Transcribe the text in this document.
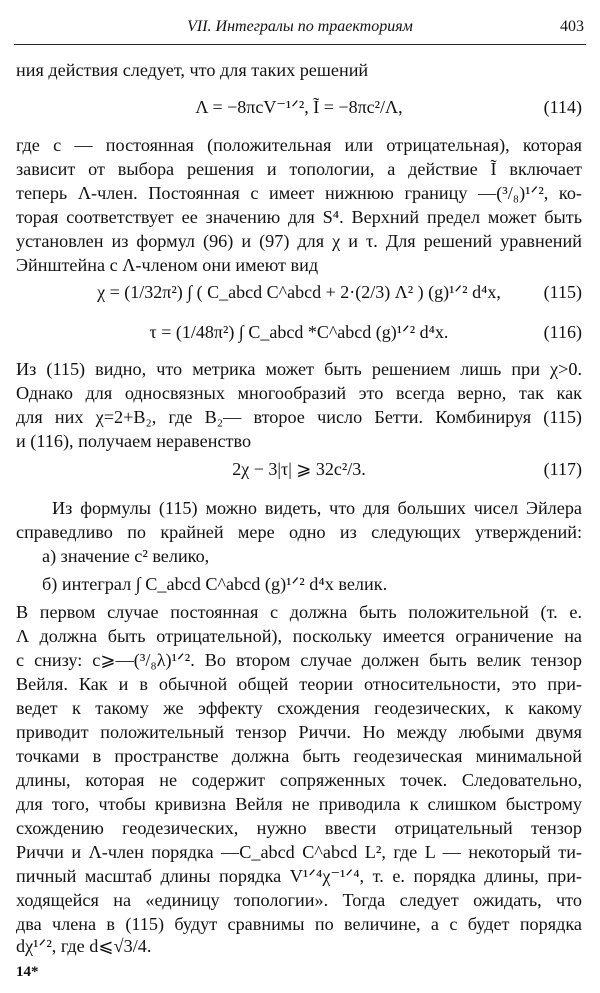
VII. Интегралы по траекториям	403
ния действия следует, что для таких решений
Λ = −8πcV⁻¹ᐟ², Ĩ = −8πc²/Λ,	(114)
где c — постоянная (положительная или отрицательная), которая
зависит от выбора решения и топологии, а действие Ĩ включает
теперь Λ-член. Постоянная c имеет нижнюю границу —(³/₈)¹ᐟ², ко-
торая соответствует ее значению для S⁴. Верхний предел может быть
установлен из формул (96) и (97) для χ и τ. Для решений уравнений
Эйнштейна с Λ-членом они имеют вид
χ = (1/32π²) ∫ ( C_abcd C^abcd + 2·(2/3) Λ² ) (g)¹ᐟ² d⁴x,	(115)
τ = (1/48π²) ∫ C_abcd *C^abcd (g)¹ᐟ² d⁴x.	(116)
Из (115) видно, что метрика может быть решением лишь при χ>0.
Однако для односвязных многообразий это всегда верно, так как
для них χ=2+B₂, где B₂— второе число Бетти. Комбинируя (115)
и (116), получаем неравенство
2χ − 3|τ| ⩾ 32c²/3.	(117)
Из формулы (115) можно видеть, что для больших чисел Эйлера
справедливо по крайней мере одно из следующих утверждений:
а) значение c² велико,
б) интеграл ∫ C_abcd C^abcd (g)¹ᐟ² d⁴x велик.
В первом случае постоянная c должна быть положительной (т. е.
Λ должна быть отрицательной), поскольку имеется ограничение на
c снизу: c⩾—(³/₈λ)¹ᐟ². Во втором случае должен быть велик тензор
Вейля. Как и в обычной общей теории относительности, это при-
ведет к такому же эффекту схождения геодезических, к какому
приводит положительный тензор Риччи. Но между любыми двумя
точками в пространстве должна быть геодезическая минимальной
длины, которая не содержит сопряженных точек. Следовательно,
для того, чтобы кривизна Вейля не приводила к слишком быстрому
схождению геодезических, нужно ввести отрицательный тензор
Риччи и Λ-член порядка —C_abcd C^abcd L², где L — некоторый ти-
пичный масштаб длины порядка V¹ᐟ⁴χ⁻¹ᐟ⁴, т. е. порядка длины, при-
ходящейся на «единицу топологии». Тогда следует ожидать, что
два члена в (115) будут сравнимы по величине, а c будет порядка
dχ¹ᐟ², где d⩽√3/4.
14*
